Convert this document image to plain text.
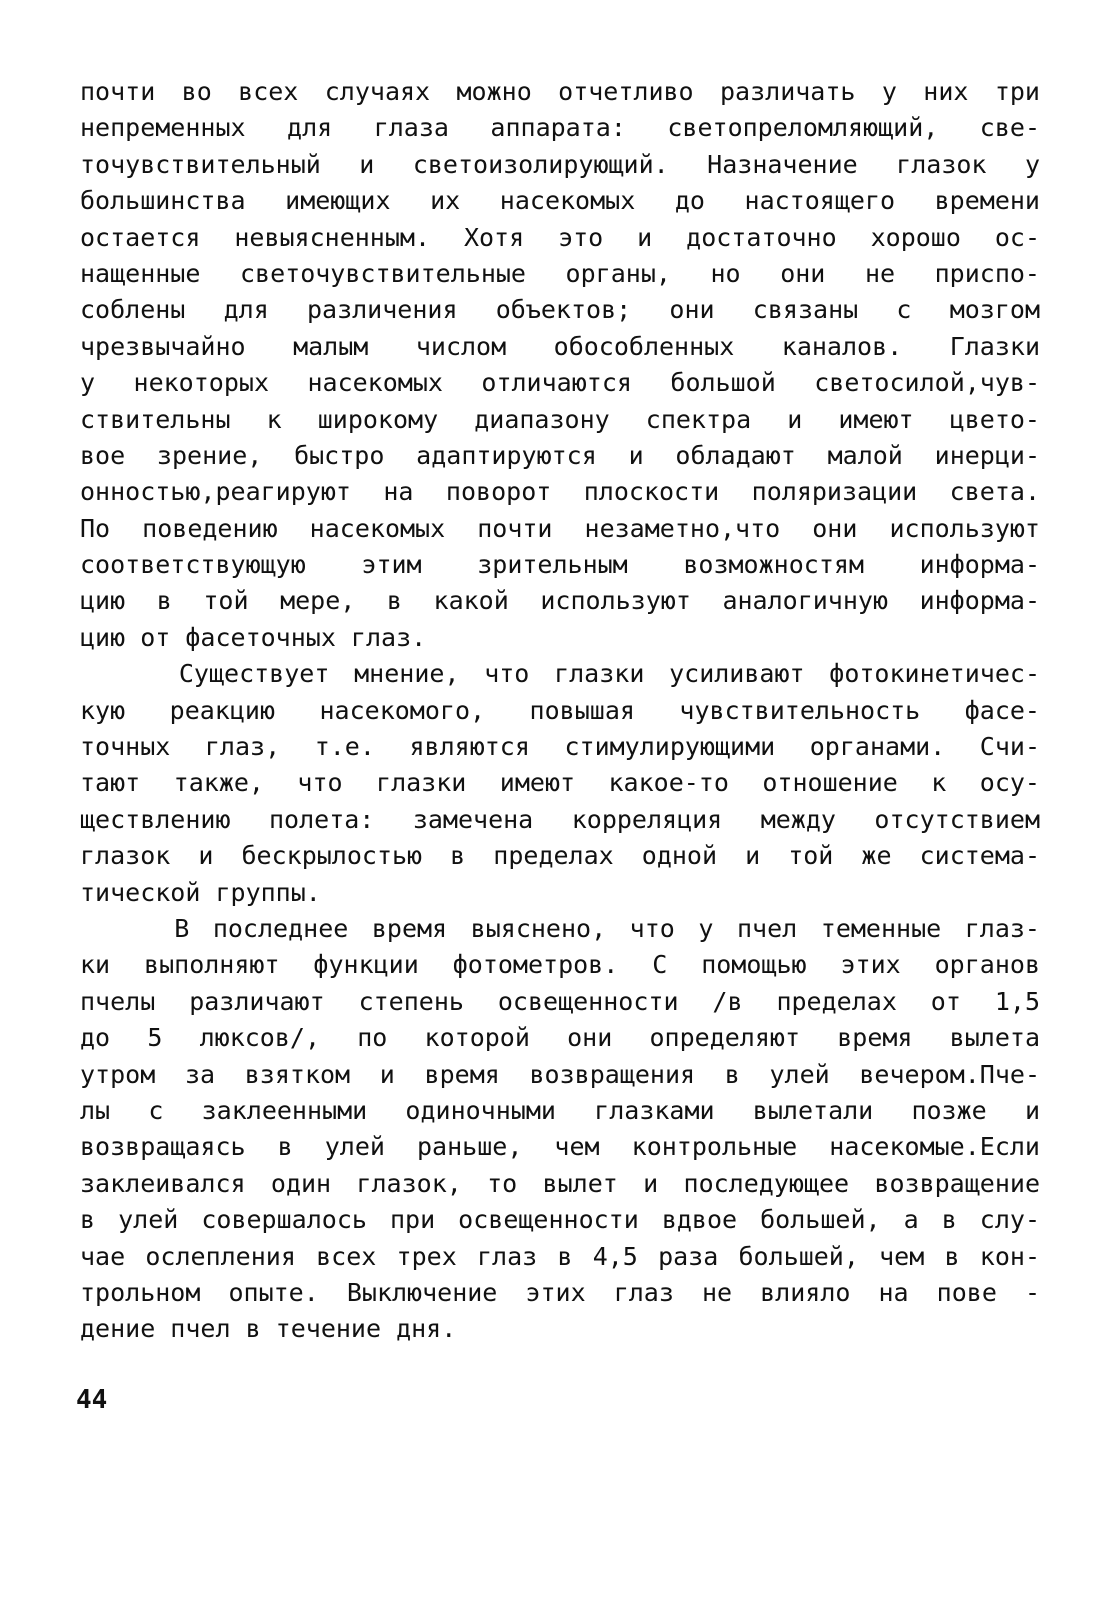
почти во всех случаях можно отчетливо различать у них три
непременных для глаза аппарата: светопреломляющий, све-
точувствительный и светоизолирующий. Назначение глазок у
большинства имеющих их насекомых до настоящего времени
остается невыясненным. Хотя это и достаточно хорошо ос-
нащенные светочувствительные органы, но они не приспо-
соблены для различения объектов; они связаны с мозгом
чрезвычайно малым числом обособленных каналов. Глазки
у некоторых насекомых отличаются большой светосилой,чув-
ствительны к широкому диапазону спектра и имеют цвето-
вое зрение, быстро адаптируются и обладают малой инерци-
онностью,реагируют на поворот плоскости поляризации света.
По поведению насекомых почти незаметно,что они используют
соответствующую этим зрительным возможностям информа-
цию в той мере, в какой используют аналогичную информа-
цию от фасеточных глаз.
Существует мнение, что глазки усиливают фотокинетичес-
кую реакцию насекомого, повышая чувствительность фасе-
точных глаз, т.е. являются стимулирующими органами. Счи-
тают также, что глазки имеют какое-то отношение к осу-
ществлению полета: замечена корреляция между отсутствием
глазок и бескрылостью в пределах одной и той же система-
тической группы.
В последнее время выяснено, что у пчел теменные глаз-
ки выполняют функции фотометров. С помощью этих органов
пчелы различают степень освещенности /в пределах от 1,5
до 5 люксов/, по которой они определяют время вылета
утром за взятком и время возвращения в улей вечером.Пче-
лы с заклеенными одиночными глазками вылетали позже и
возвращаясь в улей раньше, чем контрольные насекомые.Если
заклеивался один глазок, то вылет и последующее возвращение
в улей совершалось при освещенности вдвое большей, а в слу-
чае ослепления всех трех глаз в 4,5 раза большей, чем в кон-
трольном опыте. Выключение этих глаз не влияло на пове -
дение пчел в течение дня.
44
